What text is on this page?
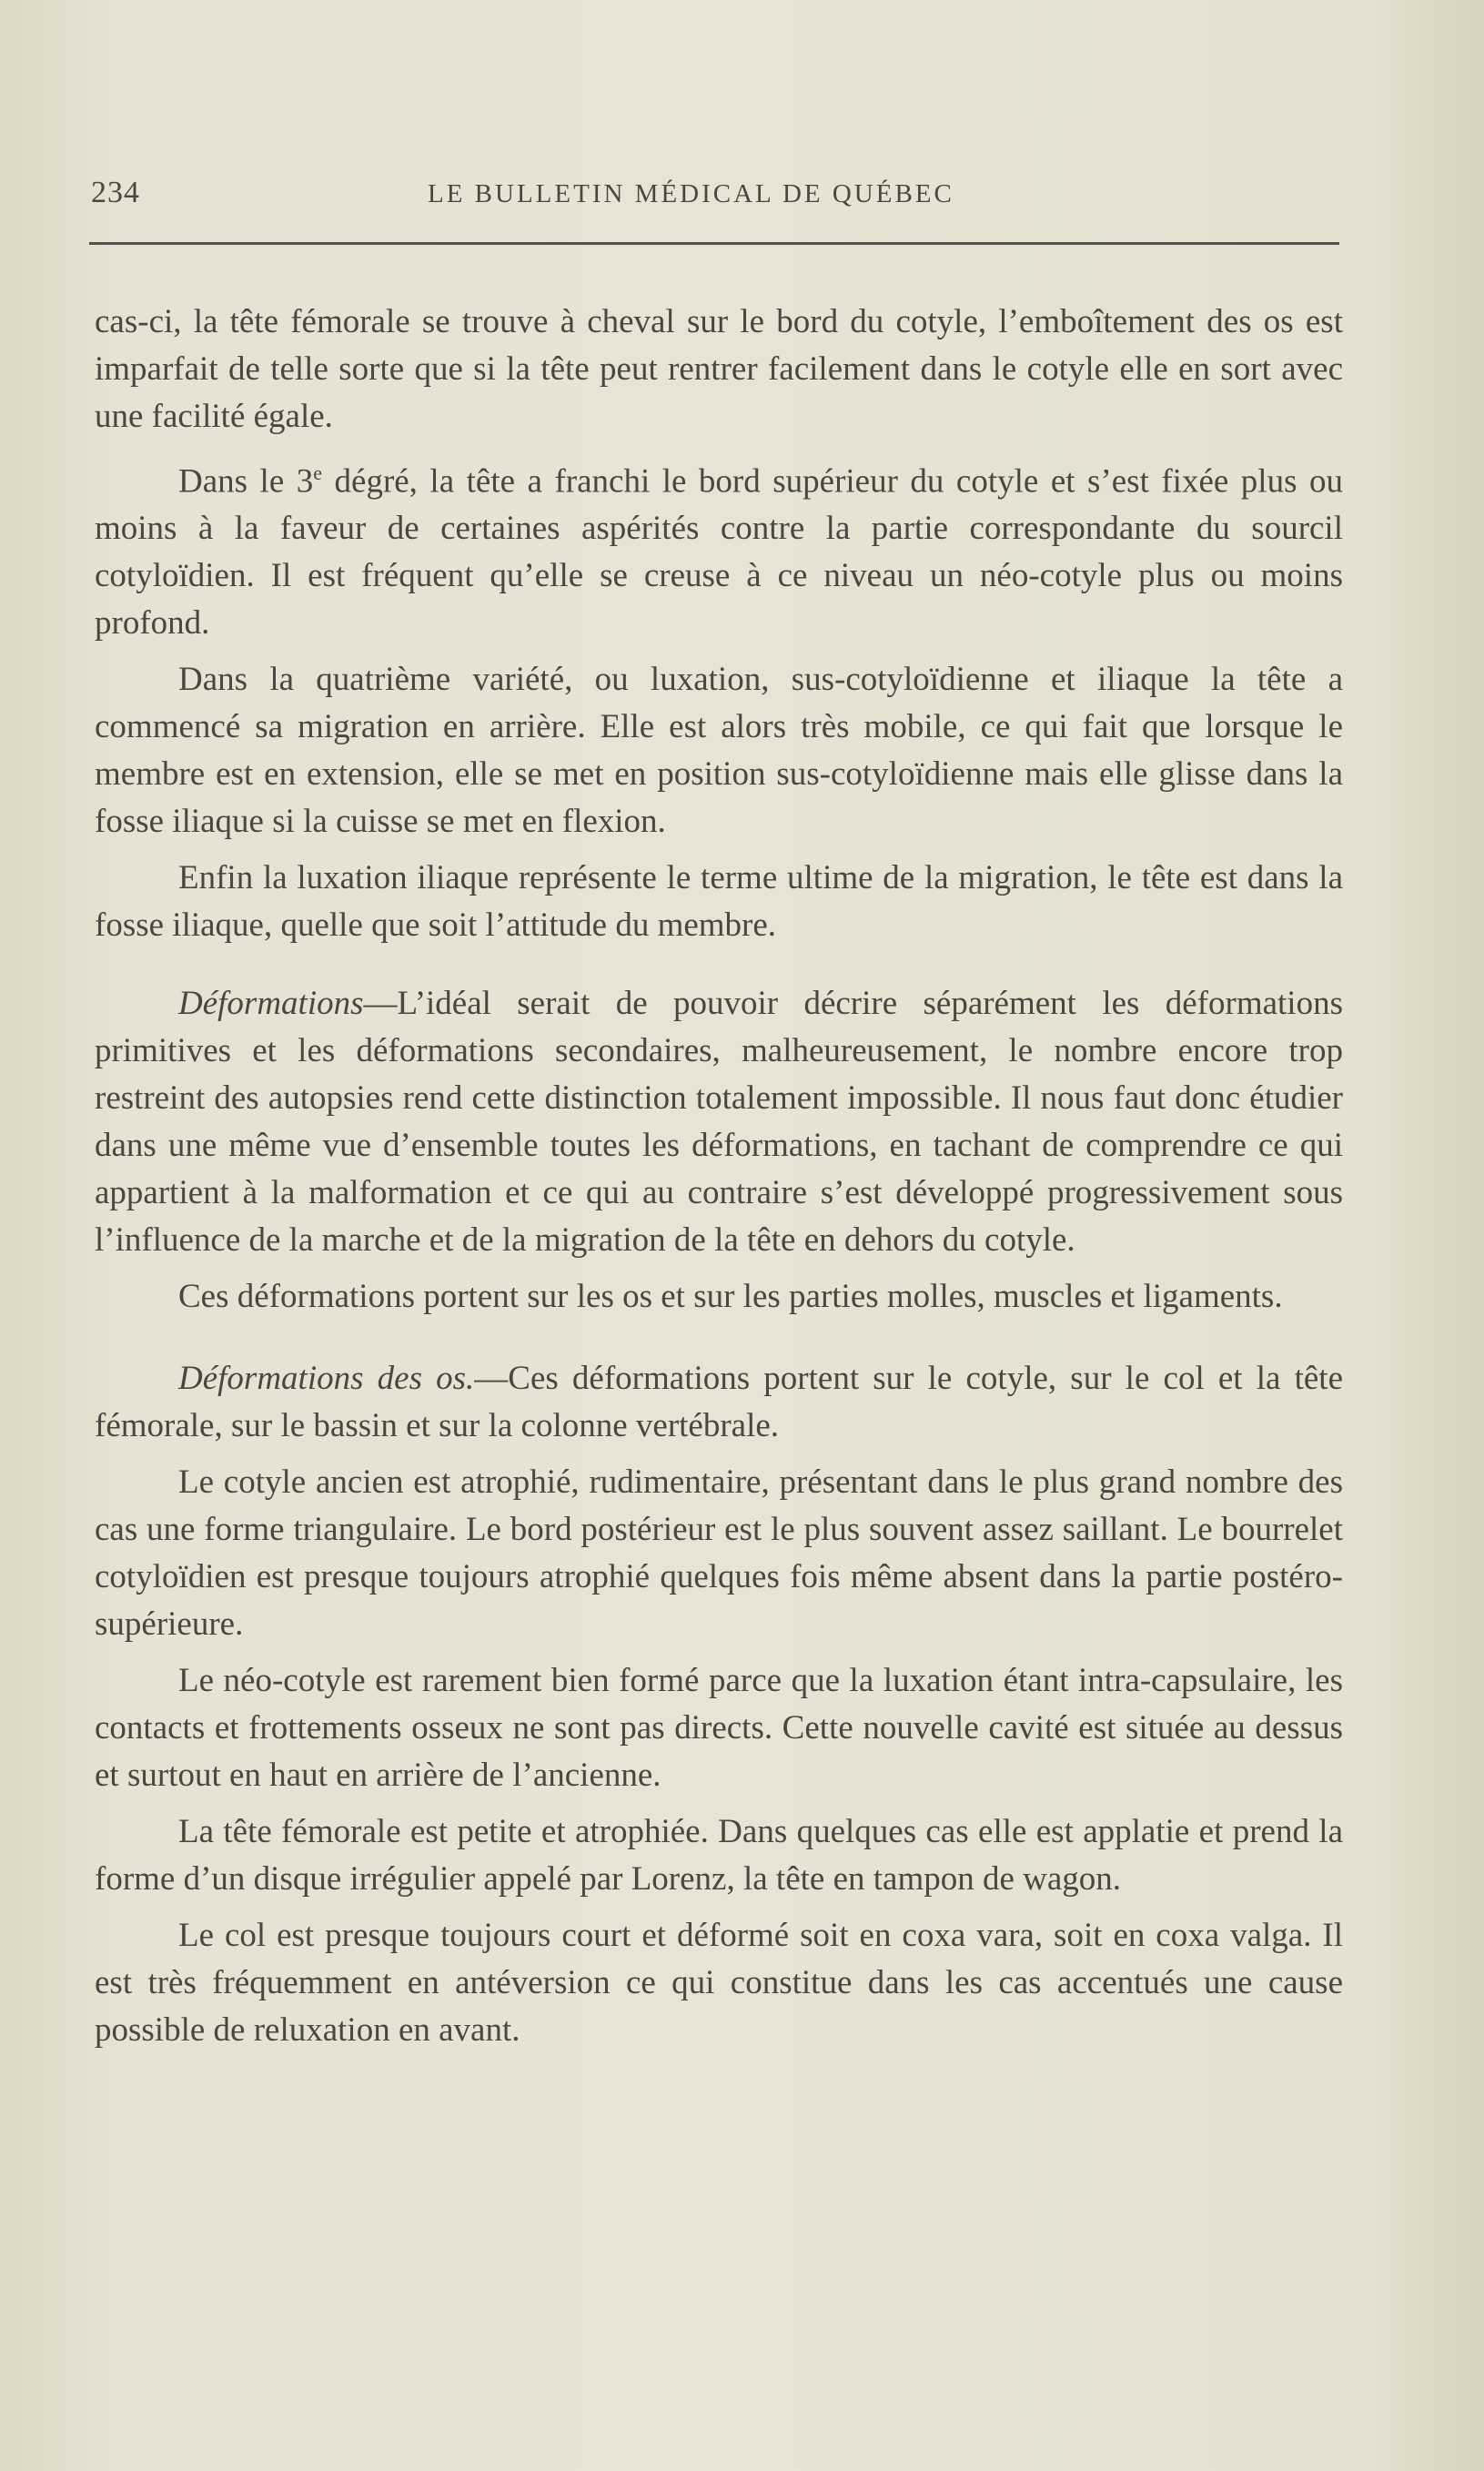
234	LE BULLETIN MÉDICAL DE QUÉBEC

cas-ci, la tête fémorale se trouve à cheval sur le bord du cotyle, l’emboîtement des os est imparfait de telle sorte que si la tête peut rentrer facilement dans le cotyle elle en sort avec une facilité égale.

Dans le 3e dégré, la tête a franchi le bord supérieur du cotyle et s’est fixée plus ou moins à la faveur de certaines aspérités contre la partie correspondante du sourcil cotyloïdien. Il est fréquent qu’elle se creuse à ce niveau un néo-cotyle plus ou moins profond.

Dans la quatrième variété, ou luxation, sus-cotyloïdienne et iliaque la tête a commencé sa migration en arrière. Elle est alors très mobile, ce qui fait que lorsque le membre est en extension, elle se met en position sus-cotyloïdienne mais elle glisse dans la fosse iliaque si la cuisse se met en flexion.

Enfin la luxation iliaque représente le terme ultime de la migration, le tête est dans la fosse iliaque, quelle que soit l’attitude du membre.

Déformations—L’idéal serait de pouvoir décrire séparément les déformations primitives et les déformations secondaires, malheureusement, le nombre encore trop restreint des autopsies rend cette distinction totalement impossible. Il nous faut donc étudier dans une même vue d’ensemble toutes les déformations, en tachant de comprendre ce qui appartient à la malformation et ce qui au contraire s’est développé progressivement sous l’influence de la marche et de la migration de la tête en dehors du cotyle.

Ces déformations portent sur les os et sur les parties molles, muscles et ligaments.

Déformations des os.—Ces déformations portent sur le cotyle, sur le col et la tête fémorale, sur le bassin et sur la colonne vertébrale.

Le cotyle ancien est atrophié, rudimentaire, présentant dans le plus grand nombre des cas une forme triangulaire. Le bord postérieur est le plus souvent assez saillant. Le bourrelet cotyloïdien est presque toujours atrophié quelques fois même absent dans la partie postéro-supérieure.

Le néo-cotyle est rarement bien formé parce que la luxation étant intra-capsulaire, les contacts et frottements osseux ne sont pas directs. Cette nouvelle cavité est située au dessus et surtout en haut en arrière de l’ancienne.

La tête fémorale est petite et atrophiée. Dans quelques cas elle est applatie et prend la forme d’un disque irrégulier appelé par Lorenz, la tête en tampon de wagon.

Le col est presque toujours court et déformé soit en coxa vara, soit en coxa valga. Il est très fréquemment en antéversion ce qui constitue dans les cas accentués une cause possible de reluxation en avant.
